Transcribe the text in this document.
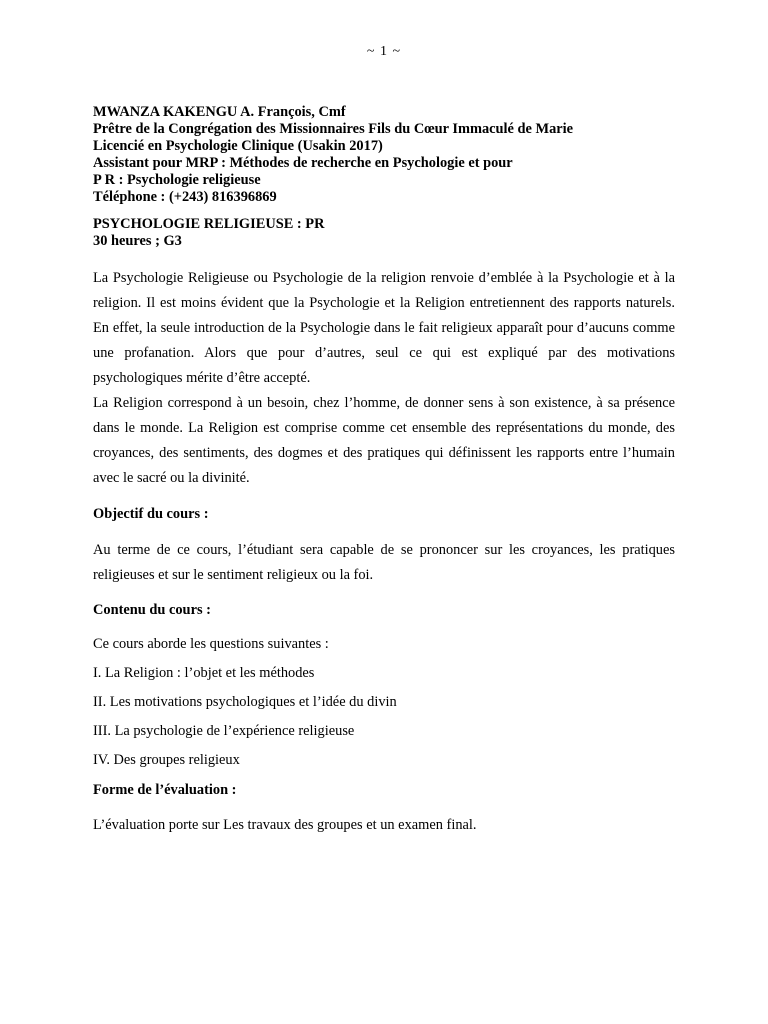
~ 1 ~

MWANZA KAKENGU A. François, Cmf

Prêtre de la Congrégation des Missionnaires Fils du Cœur Immaculé de Marie

Licencié en Psychologie Clinique (Usakin 2017)

Assistant pour MRP : Méthodes de recherche en Psychologie et pour

P R : Psychologie religieuse

Téléphone : (+243) 816396869

PSYCHOLOGIE RELIGIEUSE : PR

30 heures ; G3

La Psychologie Religieuse ou Psychologie de la religion renvoie d’emblée à la Psychologie et à la religion. Il est moins évident que la Psychologie et la Religion entretiennent des rapports naturels. En effet, la seule introduction de la Psychologie dans le fait religieux apparaît pour d’aucuns comme une profanation. Alors que pour d’autres, seul ce qui est expliqué par des motivations psychologiques mérite d’être accepté.

La Religion correspond à un besoin, chez l’homme, de donner sens à son existence, à sa présence dans le monde. La Religion est comprise comme cet ensemble des représentations du monde, des croyances, des sentiments, des dogmes et des pratiques qui définissent les rapports entre l’humain avec le sacré ou la divinité.

Objectif du cours :

Au terme de ce cours, l’étudiant sera capable de se prononcer sur les croyances, les pratiques religieuses et sur le sentiment religieux ou la foi.

Contenu du cours :

Ce cours aborde les questions suivantes :

I. La Religion : l’objet et les méthodes

II. Les motivations psychologiques et l’idée du divin

III. La psychologie de l’expérience religieuse

IV. Des groupes religieux

Forme de l’évaluation :

L’évaluation porte sur Les travaux des groupes et un examen final.
